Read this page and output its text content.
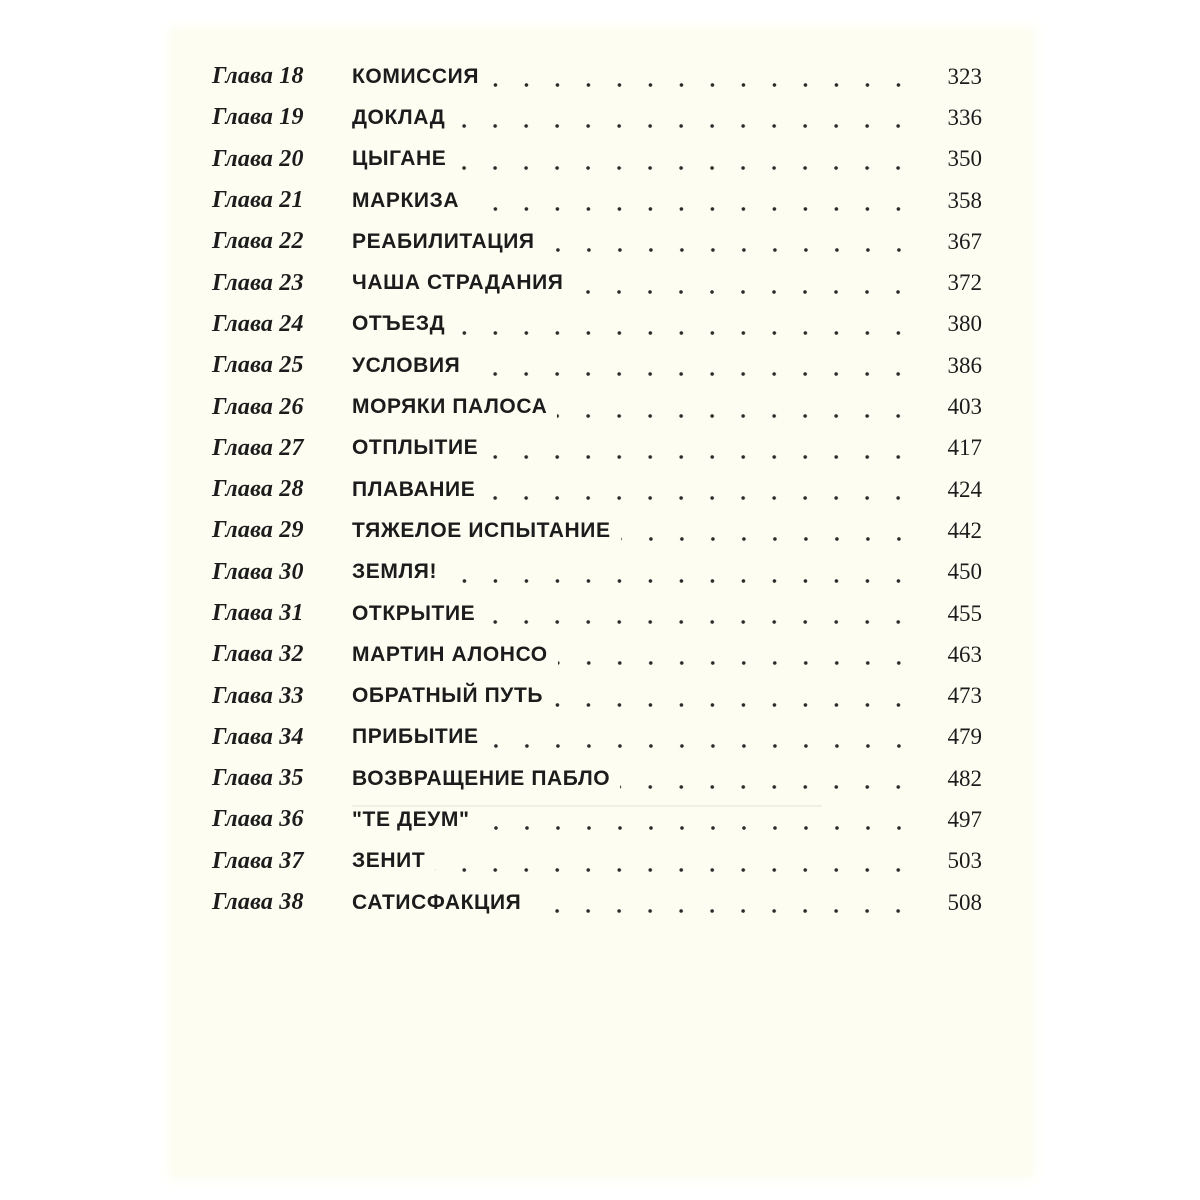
Глава 18	КОМИССИЯ	323
Глава 19	ДОКЛАД	336
Глава 20	ЦЫГАНЕ	350
Глава 21	МАРКИЗА	358
Глава 22	РЕАБИЛИТАЦИЯ	367
Глава 23	ЧАША СТРАДАНИЯ	372
Глава 24	ОТЪЕЗД	380
Глава 25	УСЛОВИЯ	386
Глава 26	МОРЯКИ ПАЛОСА	403
Глава 27	ОТПЛЫТИЕ	417
Глава 28	ПЛАВАНИЕ	424
Глава 29	ТЯЖЕЛОЕ ИСПЫТАНИЕ	442
Глава 30	ЗЕМЛЯ!	450
Глава 31	ОТКРЫТИЕ	455
Глава 32	МАРТИН АЛОНСО	463
Глава 33	ОБРАТНЫЙ ПУТЬ	473
Глава 34	ПРИБЫТИЕ	479
Глава 35	ВОЗВРАЩЕНИЕ ПАБЛО	482
Глава 36	"ТЕ ДЕУМ"	497
Глава 37	ЗЕНИТ	503
Глава 38	САТИСФАКЦИЯ	508
